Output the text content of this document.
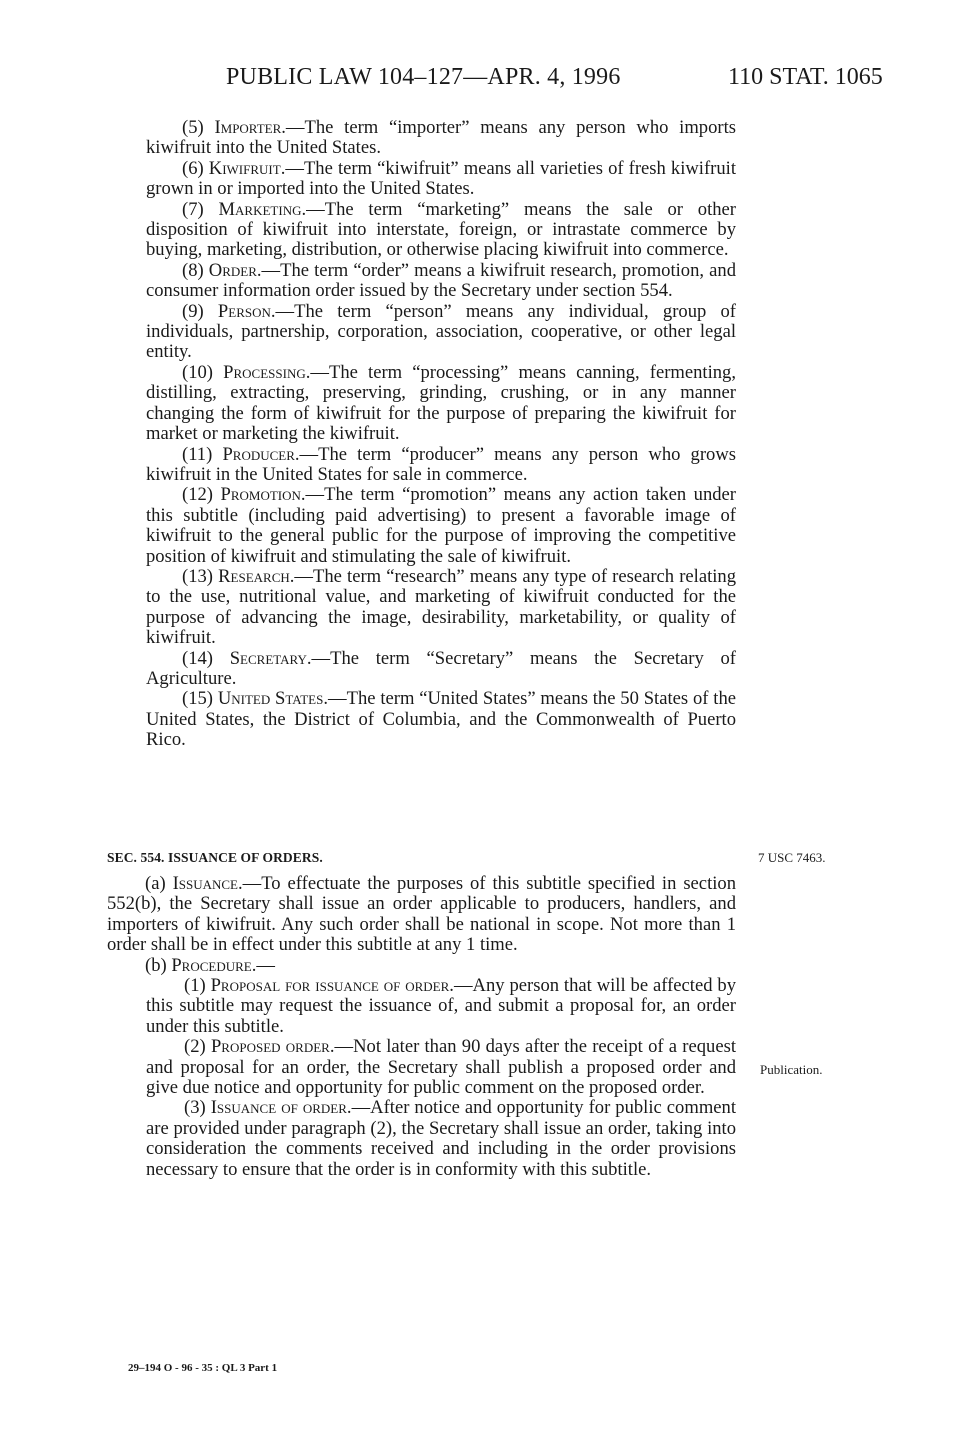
PUBLIC LAW 104–127—APR. 4, 1996	110 STAT. 1065

(5) Importer.—The term “importer” means any person who imports kiwifruit into the United States.

(6) Kiwifruit.—The term “kiwifruit” means all varieties of fresh kiwifruit grown in or imported into the United States.

(7) Marketing.—The term “marketing” means the sale or other disposition of kiwifruit into interstate, foreign, or intrastate commerce by buying, marketing, distribution, or otherwise placing kiwifruit into commerce.

(8) Order.—The term “order” means a kiwifruit research, promotion, and consumer information order issued by the Secretary under section 554.

(9) Person.—The term “person” means any individual, group of individuals, partnership, corporation, association, cooperative, or other legal entity.

(10) Processing.—The term “processing” means canning, fermenting, distilling, extracting, preserving, grinding, crushing, or in any manner changing the form of kiwifruit for the purpose of preparing the kiwifruit for market or marketing the kiwifruit.

(11) Producer.—The term “producer” means any person who grows kiwifruit in the United States for sale in commerce.

(12) Promotion.—The term “promotion” means any action taken under this subtitle (including paid advertising) to present a favorable image of kiwifruit to the general public for the purpose of improving the competitive position of kiwifruit and stimulating the sale of kiwifruit.

(13) Research.—The term “research” means any type of research relating to the use, nutritional value, and marketing of kiwifruit conducted for the purpose of advancing the image, desirability, marketability, or quality of kiwifruit.

(14) Secretary.—The term “Secretary” means the Secretary of Agriculture.

(15) United States.—The term “United States” means the 50 States of the United States, the District of Columbia, and the Commonwealth of Puerto Rico.

SEC. 554. ISSUANCE OF ORDERS.	7 USC 7463.

(a) Issuance.—To effectuate the purposes of this subtitle specified in section 552(b), the Secretary shall issue an order applicable to producers, handlers, and importers of kiwifruit. Any such order shall be national in scope. Not more than 1 order shall be in effect under this subtitle at any 1 time.

(b) Procedure.—

(1) Proposal for issuance of order.—Any person that will be affected by this subtitle may request the issuance of, and submit a proposal for, an order under this subtitle.

(2) Proposed order.—Not later than 90 days after the receipt of a request and proposal for an order, the Secretary shall publish a proposed order and give due notice and opportunity for public comment on the proposed order.

(3) Issuance of order.—After notice and opportunity for public comment are provided under paragraph (2), the Secretary shall issue an order, taking into consideration the comments received and including in the order provisions necessary to ensure that the order is in conformity with this subtitle.

Publication.
29–194 O - 96 - 35 : QL 3 Part 1
